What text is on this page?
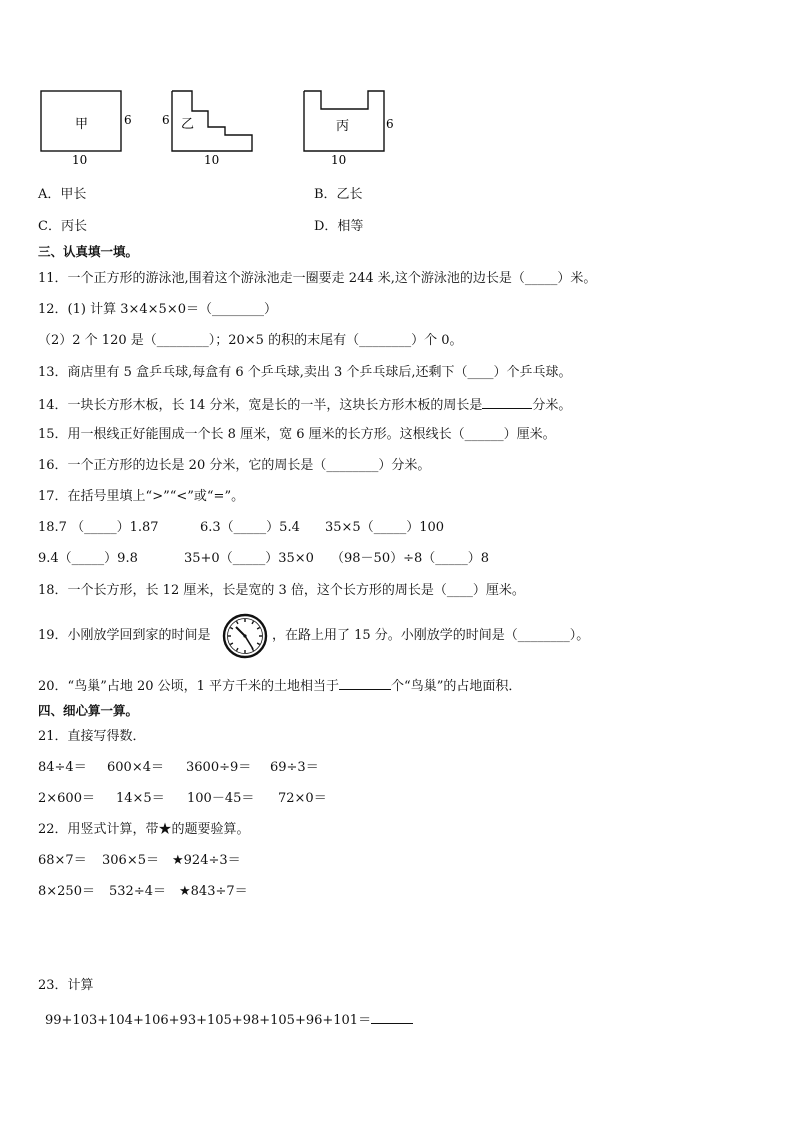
甲	6
10
乙
6
10
丙	6
10
A．甲长	B．乙长
C．丙长	D．相等
三、认真填一填。
11．一个正方形的游泳池,围着这个游泳池走一圈要走 244 米,这个游泳池的边长是（_____）米。
12．(1) 计算 3×4×5×0＝（________）
（2）2 个 120 是（________）；20×5 的积的末尾有（________）个 0。
13．商店里有 5 盒乒乓球,每盒有 6 个乒乓球,卖出 3 个乒乓球后,还剩下（____）个乒乓球。
14．一块长方形木板，长 14 分米，宽是长的一半，这块长方形木板的周长是	分米。
15．用一根线正好能围成一个长 8 厘米，宽 6 厘米的长方形。这根线长（______）厘米。
16．一个正方形的边长是 20 分米，它的周长是（________）分米。
17．在括号里填上“>”“<”或“=”。
18.7 （_____）1.87	6.3（_____）5.4 35×5（_____）100
9.4（_____）9.8	35+0（_____）35×0 （98－50）÷8（_____）8
18．一个长方形，长 12 厘米，长是宽的 3 倍，这个长方形的周长是（____）厘米。
19．小刚放学回到家的时间是	，在路上用了 15 分。小刚放学的时间是（________）。
20．“鸟巢”占地 20 公顷，1 平方千米的土地相当于	个“鸟巢”的占地面积．
四、细心算一算。
21．直接写得数．
84÷4＝ 600×4＝ 3600÷9＝ 69÷3＝
2×600＝ 14×5＝ 100－45＝ 72×0＝
22．用竖式计算，带★的题要验算。
68×7＝ 306×5＝ ★924÷3＝
8×250＝ 532÷4＝ ★843÷7＝
23．计算
99+103+104+106+93+105+98+105+96+101＝
